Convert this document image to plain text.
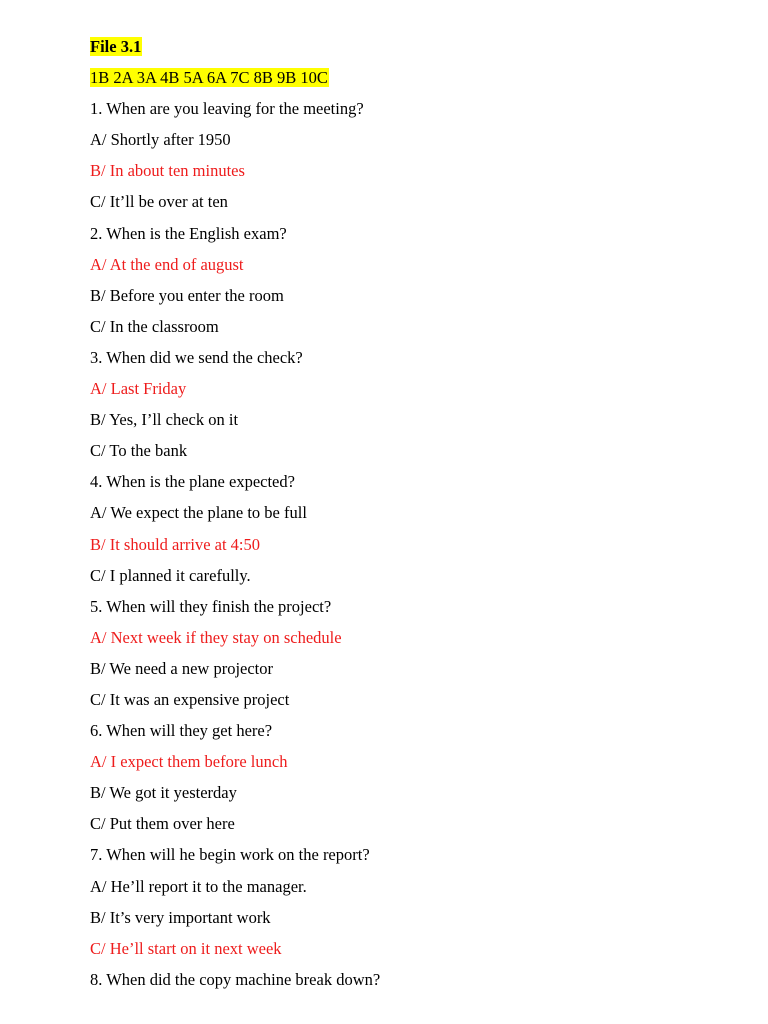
File 3.1
1B 2A 3A 4B 5A 6A 7C 8B 9B 10C
1. When are you leaving for the meeting?
A/ Shortly after 1950
B/ In about ten minutes
C/ It’ll be over at ten
2. When is the English exam?
A/ At the end of august
B/ Before you enter the room
C/ In the classroom
3. When did we send the check?
A/ Last Friday
B/ Yes, I’ll check on it
C/ To the bank
4. When is the plane expected?
A/ We expect the plane to be full
B/ It should arrive at 4:50
C/ I planned it carefully.
5. When will they finish the project?
A/ Next week if they stay on schedule
B/ We need a new projector
C/ It was an expensive project
6. When will they get here?
A/ I expect them before lunch
B/ We got it yesterday
C/ Put them over here
7. When will he begin work on the report?
A/ He’ll report it to the manager.
B/ It’s very important work
C/ He’ll start on it next week
8. When did the copy machine break down?
